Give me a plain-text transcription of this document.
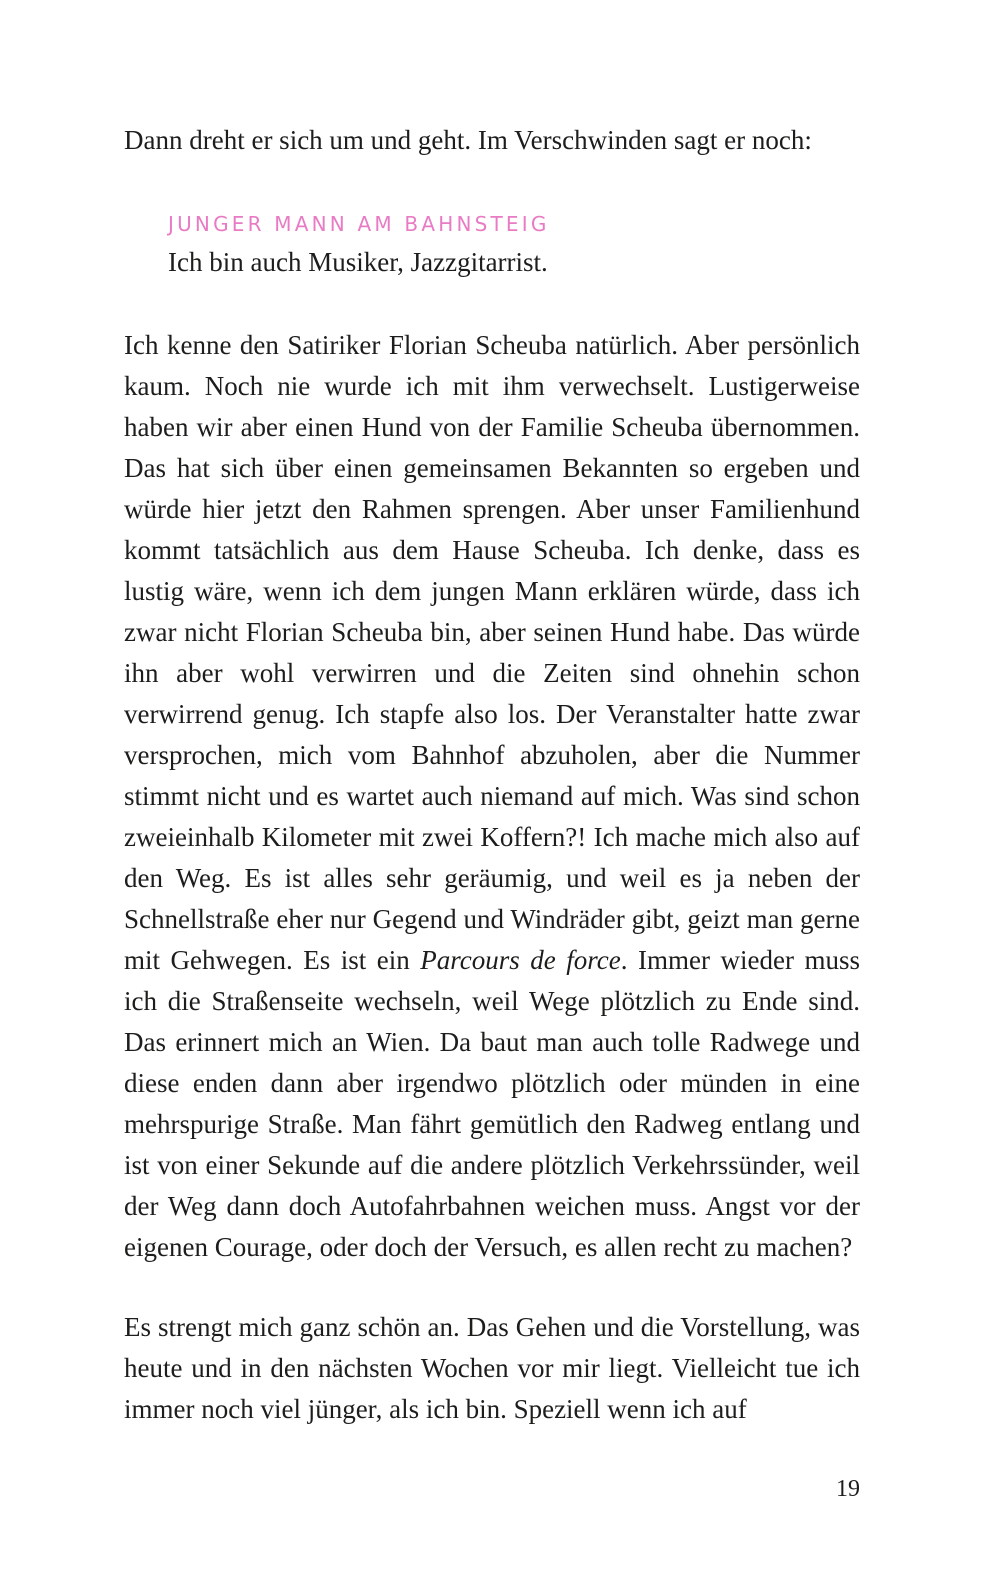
Dann dreht er sich um und geht. Im Verschwinden sagt er noch:

JUNGER MANN AM BAHNSTEIG
Ich bin auch Musiker, Jazzgitarrist.

Ich kenne den Satiriker Florian Scheuba natürlich. Aber persönlich kaum. Noch nie wurde ich mit ihm verwechselt. Lustigerweise haben wir aber einen Hund von der Familie Scheuba übernommen. Das hat sich über einen gemeinsamen Bekannten so ergeben und würde hier jetzt den Rahmen sprengen. Aber unser Familienhund kommt tatsächlich aus dem Hause Scheuba. Ich denke, dass es lustig wäre, wenn ich dem jungen Mann erklären würde, dass ich zwar nicht Florian Scheuba bin, aber seinen Hund habe. Das würde ihn aber wohl verwirren und die Zeiten sind ohnehin schon verwirrend genug. Ich stapfe also los. Der Veranstalter hatte zwar versprochen, mich vom Bahnhof abzuholen, aber die Nummer stimmt nicht und es wartet auch niemand auf mich. Was sind schon zweieinhalb Kilometer mit zwei Koffern?! Ich mache mich also auf den Weg. Es ist alles sehr geräumig, und weil es ja neben der Schnellstraße eher nur Gegend und Windräder gibt, geizt man gerne mit Gehwegen. Es ist ein Parcours de force. Immer wieder muss ich die Straßenseite wechseln, weil Wege plötzlich zu Ende sind. Das erinnert mich an Wien. Da baut man auch tolle Radwege und diese enden dann aber irgendwo plötzlich oder münden in eine mehrspurige Straße. Man fährt gemütlich den Radweg entlang und ist von einer Sekunde auf die andere plötzlich Verkehrssünder, weil der Weg dann doch Autofahrbahnen weichen muss. Angst vor der eigenen Courage, oder doch der Versuch, es allen recht zu machen?

Es strengt mich ganz schön an. Das Gehen und die Vorstellung, was heute und in den nächsten Wochen vor mir liegt. Vielleicht tue ich immer noch viel jünger, als ich bin. Speziell wenn ich auf

19
